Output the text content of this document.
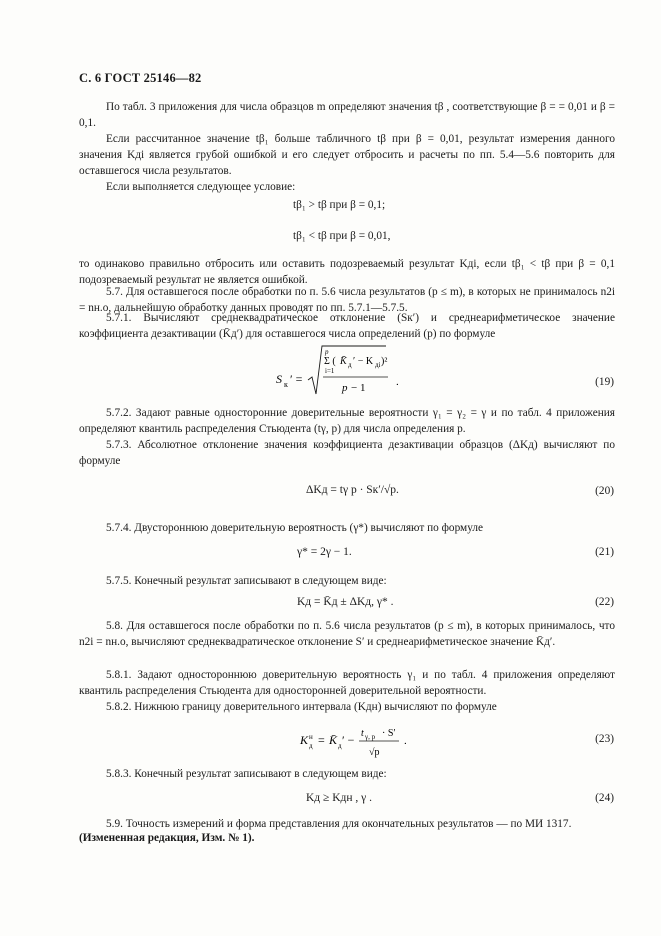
С. 6 ГОСТ 25146—82
По табл. 3 приложения для числа образцов m определяют значения tβ , соответствующие β = = 0,01 и β = 0,1.
Если рассчитанное значение tβ₁ больше табличного tβ при β = 0,01, результат измерения данного значения Kді является грубой ошибкой и его следует отбросить и расчеты по пп. 5.4—5.6 повторить для оставшегося числа результатов.
Если выполняется следующее условие:
tβ₁ > tβ при β = 0,1;
tβ₁ < tβ при β = 0,01,
то одинаково правильно отбросить или оставить подозреваемый результат Kді, если tβ₁ < tβ при β = 0,1 подозреваемый результат не является ошибкой.
5.7. Для оставшегося после обработки по п. 5.6 числа результатов (p ≤ m), в которых не принималось n2i = nн.о, дальнейшую обработку данных проводят по пп. 5.7.1—5.7.5.
5.7.1. Вычисляют среднеквадратическое отклонение (Sк′) и среднеарифметическое значение коэффициента дезактивации (K̄д′) для оставшегося числа определений (p) по формуле
S к ′ =
p
Σ ( K̄ д ′ − K дi )²
i=1
p − 1	.	(19)
5.7.2. Задают равные односторонние доверительные вероятности γ₁ = γ₂ = γ и по табл. 4 приложения определяют квантиль распределения Стьюдента (tγ, p) для числа определения p.
5.7.3. Абсолютное отклонение значения коэффициента дезактивации образцов (ΔKд) вычисляют по формуле
ΔKд = tγ p · Sк′/√p.	(20)
5.7.4. Двустороннюю доверительную вероятность (γ*) вычисляют по формуле
γ* = 2γ − 1.	(21)
5.7.5. Конечный результат записывают в следующем виде:
Kд = K̄д ± ΔKд, γ* .	(22)
5.8. Для оставшегося после обработки по п. 5.6 числа результатов (p ≤ m), в которых принималось, что n2i = nн.о, вычисляют среднеквадратическое отклонение S′ и среднеарифметическое значение K̄д′.
5.8.1. Задают одностороннюю доверительную вероятность γ₁ и по табл. 4 приложения определяют квантиль распределения Стьюдента для односторонней доверительной вероятности.
5.8.2. Нижнюю границу доверительного интервала (Kдн) вычисляют по формуле
K н
д = K̄ д ′ − t γ, p · S′
√p
.	(23)
5.8.3. Конечный результат записывают в следующем виде:
Kд ≥ Kдн , γ .	(24)
5.9. Точность измерений и форма представления для окончательных результатов — по МИ 1317.
(Измененная редакция, Изм. № 1).
